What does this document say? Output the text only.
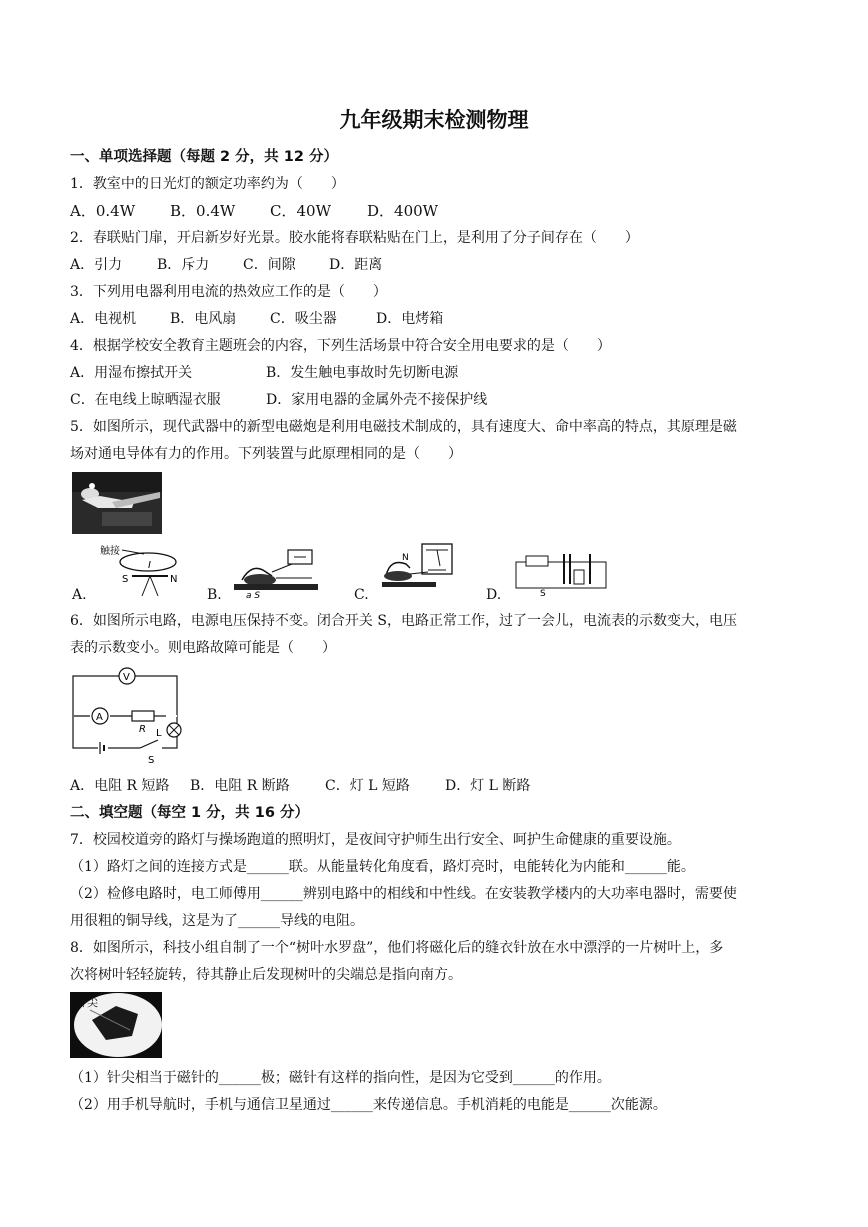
九年级期末检测物理
一、单项选择题（每题 2 分，共 12 分）
1．教室中的日光灯的额定功率约为（　　）
A．0.4W B．0.4W C．40W D．400W
2．春联贴门扉，开启新岁好光景。胶水能将春联粘贴在门上，是利用了分子间存在（　　）
A．引力 B．斥力 C．间隙 D．距离
3．下列用电器利用电流的热效应工作的是（　　）
A．电视机 B．电风扇 C．吸尘器	D．电烤箱
4．根据学校安全教育主题班会的内容，下列生活场景中符合安全用电要求的是（　　）
A．用湿布擦拭开关	B．发生触电事故时先切断电源
C．在电线上晾晒湿衣服	D．家用电器的金属外壳不接保护线
5．如图所示，现代武器中的新型电磁炮是利用电磁技术制成的，具有速度大、命中率高的特点，其原理是磁
场对通电导体有力的作用。下列装置与此原理相同的是（　　）
A.
触接
I
S	N
B.	a S	C.
N
D.	S
6．如图所示电路，电源电压保持不变。闭合开关 S，电路正常工作，过了一会儿，电流表的示数变大，电压
表的示数变小。则电路故障可能是（　　）
V
A
R L
S
A．电阻 R 短路 B．电阻 R 断路	C．灯 L 短路	D．灯 L 断路
二、填空题（每空 1 分，共 16 分）
7．校园校道旁的路灯与操场跑道的照明灯，是夜间守护师生出行安全、呵护生命健康的重要设施。
（1）路灯之间的连接方式是______联。从能量转化角度看，路灯亮时，电能转化为内能和______能。
（2）检修电路时，电工师傅用______辨别电路中的相线和中性线。在安装教学楼内的大功率电器时，需要使
用很粗的铜导线，这是为了______导线的电阻。
8．如图所示，科技小组自制了一个“树叶水罗盘”，他们将磁化后的缝衣针放在水中漂浮的一片树叶上，多
次将树叶轻轻旋转，待其静止后发现树叶的尖端总是指向南方。
针尖
（1）针尖相当于磁针的______极；磁针有这样的指向性，是因为它受到______的作用。
（2）用手机导航时，手机与通信卫星通过______来传递信息。手机消耗的电能是______次能源。
